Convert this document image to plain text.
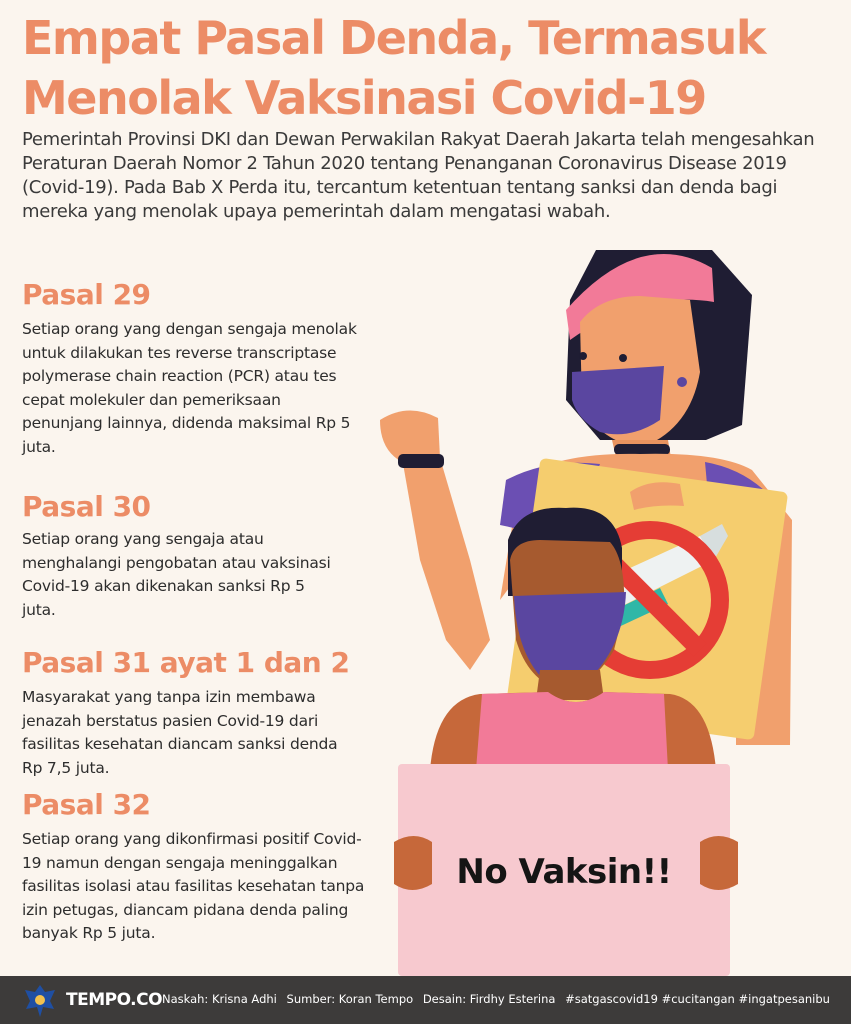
Empat Pasal Denda, Termasuk
Menolak Vaksinasi Covid-19

Pemerintah Provinsi DKI dan Dewan Perwakilan Rakyat Daerah Jakarta telah mengesahkan Peraturan Daerah Nomor 2 Tahun 2020 tentang Penanganan Coronavirus Disease 2019 (Covid-19). Pada Bab X Perda itu, tercantum ketentuan tentang sanksi dan denda bagi mereka yang menolak upaya pemerintah dalam mengatasi wabah.

Pasal 29

Setiap orang yang dengan sengaja menolak untuk dilakukan tes reverse transcriptase polymerase chain reaction (PCR) atau tes cepat molekuler dan pemeriksaan penunjang lainnya, didenda maksimal Rp 5 juta.

Pasal 30

Setiap orang yang sengaja atau menghalangi pengobatan atau vaksinasi Covid-19 akan dikenakan sanksi Rp 5 juta.

Pasal 31 ayat 1 dan 2

Masyarakat yang tanpa izin membawa jenazah berstatus pasien Covid-19 dari fasilitas kesehatan diancam sanksi denda Rp 7,5 juta.

Pasal 32

Setiap orang yang dikonfirmasi positif Covid-19 namun dengan sengaja meninggalkan fasilitas isolasi atau fasilitas kesehatan tanpa izin petugas, diancam pidana denda paling banyak Rp 5 juta.

No Vaksin!!
TEMPO.CO Naskah: Krisna Adhi Sumber: Koran Tempo Desain: Firdhy Esterina #satgascovid19 #cucitangan #ingatpesanibu
